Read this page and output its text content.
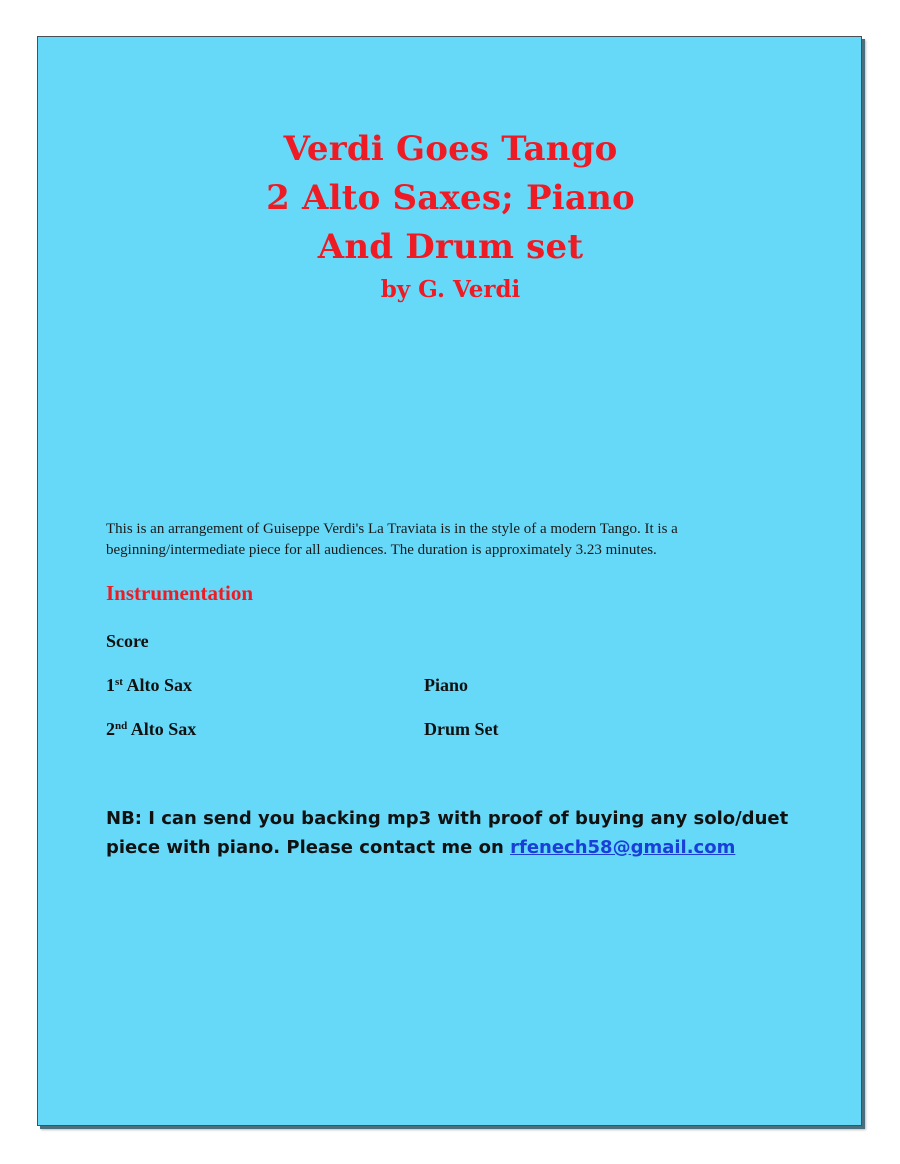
Verdi Goes Tango
2 Alto Saxes; Piano
And Drum set
by G. Verdi
This is an arrangement of Guiseppe Verdi's La Traviata is in the style of a modern Tango. It is a beginning/intermediate piece for all audiences. The duration is approximately 3.23 minutes.
Instrumentation
Score
1st Alto Sax	Piano
2nd Alto Sax	Drum Set
NB: I can send you backing mp3 with proof of buying any solo/duet piece with piano. Please contact me on rfenech58@gmail.com
